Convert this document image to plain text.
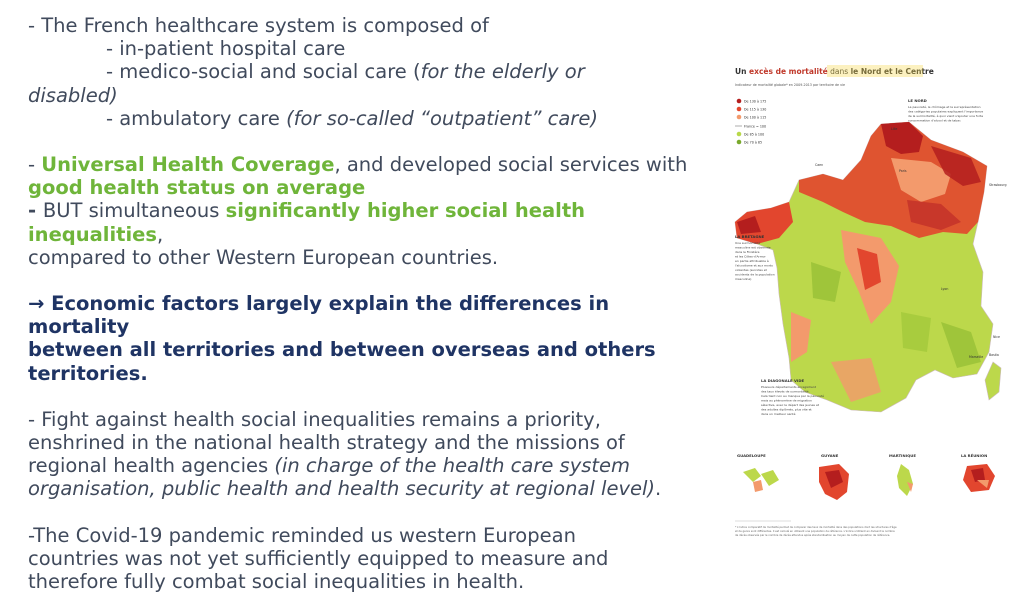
- The French healthcare system is composed of

- in-patient hospital care

- medico-social and social care (for the elderly or

disabled)

- ambulatory care (for so-called “outpatient” care)

- Universal Health Coverage, and developed social services with

good health status on average

- BUT simultaneous significantly higher social health inequalities,

compared to other Western European countries.

→ Economic factors largely explain the differences in mortality

between all territories and between overseas and others

territories.

- Fight against health social inequalities remains a priority,

enshrined in the national health strategy and the missions of

regional health agencies (in charge of the health care system

organisation, public health and health security at regional level).

-The Covid-19 pandemic reminded us western European

countries was not yet sufficiently equipped to measure and

therefore fully combat social inequalities in health.

Un excès de mortalité dans le Nord et le Centre
Indicateur de mortalité globale* en 2009-2013 par territoire de vie
De 130 à 175
De 115 à 130
De 100 à 115
France = 100
De 85 à 100
De 70 à 85
LE NORD
La pauvreté, le chômage et la surreprésentation
des catégories populaires expliquent l'importance
de la surmortalité, à quoi vient s'ajouter une forte
consommation d'alcool et de tabac
Lille
Paris
Caen
Strasbourg
Lyon
Nice
Marseille Bastia
LA BRETAGNE
Une surmortalité
masculine est observée
dans le Finistère
et les Côtes-d'Armor
en partie attribuable à
l'alcoolisme et aux morts
violentes (suicides et
accidents de la population
masculine)
LA DIAGONALE VIDE
Plusieurs départements enregistrent
des taux élevés de surmortalité.
Cela tient non au manque par la pauvreté
mais au phénomène de migration
sélective, avec le départ des jeunes et
des adultes diplômés, plus vite et
dans un meilleur santé
GUADELOUPE	GUYANE	MARTINIQUE	LA RÉUNION
* L'indice comparatif de mortalité permet de comparer des taux de mortalité dans des populations dont les structures d'âge
et de genre sont différentes. Il est calculé en utilisant une population de référence. L'indice s'obtient en divisant le nombre
de décès observés par le nombre de décès attendus après standardisation au moyen de cette population de référence.
